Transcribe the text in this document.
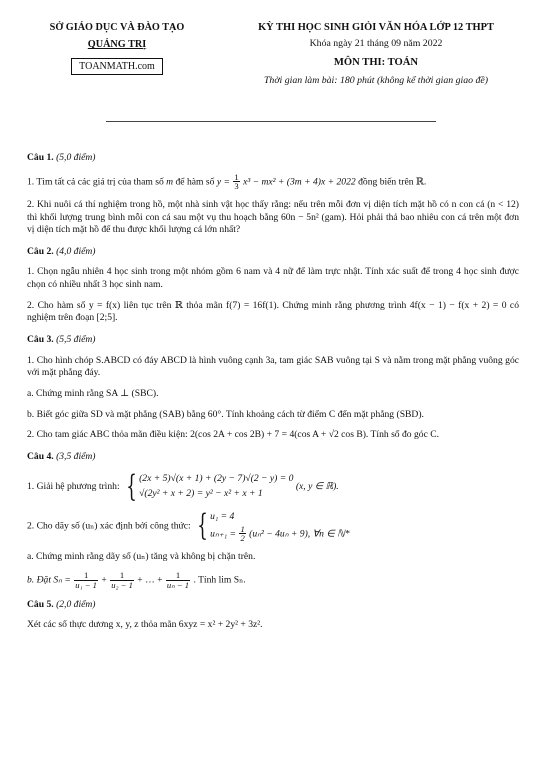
SỞ GIÁO DỤC VÀ ĐÀO TẠO
QUẢNG TRỊ
TOANMATH.com
KỲ THI HỌC SINH GIỎI VĂN HÓA LỚP 12 THPT
Khóa ngày 21 tháng 09 năm 2022
MÔN THI: TOÁN
Thời gian làm bài: 180 phút (không kể thời gian giao đề)
Câu 1. (5,0 điểm)
1. Tìm tất cả các giá trị của tham số m để hàm số $y = \frac{1}{3} x^3 - mx^2 + (3m + 4)x + 2022$ đồng biến trên ℝ.
2. Khi nuôi cá thí nghiệm trong hồ, một nhà sinh vật học thấy rằng: nếu trên mỗi đơn vị diện tích mặt hồ có n con cá (n < 12) thì khối lượng trung bình mỗi con cá sau một vụ thu hoạch bằng 60n − 5n² (gam). Hỏi phải thả bao nhiêu con cá trên một đơn vị diện tích mặt hồ để thu được khối lượng cá lớn nhất?
Câu 2. (4,0 điểm)
1. Chọn ngẫu nhiên 4 học sinh trong một nhóm gồm 6 nam và 4 nữ để làm trực nhật. Tính xác suất để trong 4 học sinh được chọn có nhiều nhất 3 học sinh nam.
2. Cho hàm số y = f(x) liên tục trên ℝ thỏa mãn f(7) = 16f(1). Chứng minh rằng phương trình 4f(x − 1) − f(x + 2) = 0 có nghiệm trên đoạn [2;5].
Câu 3. (5,5 điểm)
1. Cho hình chóp S.ABCD có đáy ABCD là hình vuông cạnh 3a, tam giác SAB vuông tại S và nằm trong mặt phẳng vuông góc với mặt phẳng đáy.
a. Chứng minh rằng SA ⊥ (SBC).
b. Biết góc giữa SD và mặt phẳng (SAB) bằng 60°. Tính khoảng cách từ điểm C đến mặt phẳng (SBD).
2. Cho tam giác ABC thỏa mãn điều kiện: 2(cos 2A + cos 2B) + 7 = 4(cos A + √2 cos B). Tính số đo góc C.
Câu 4. (3,5 điểm)
1. Giải hệ phương trình: { (2x + 5)√(x + 1) + (2y − 7)√(2 − y) = 0
√(2y² + x + 2) = y² − x² + x + 1
(x, y ∈ ℝ).
2. Cho dãy số (uₙ) xác định bởi công thức: { u₁ = 4
$u_{n+1} = \frac{1}{2} (u_n^2 - 4u_n + 9)$, ∀n ∈ ℕ*
a. Chứng minh rằng dãy số (uₙ) tăng và không bị chặn trên.
b. Đặt $S_n = \frac{1}{\text{u₁ − 1}} + \frac{1}{\text{u₂ − 1}}$ + … + $\frac{1}{\text{uₙ − 1}}$ . Tính lim Sₙ.
Câu 5. (2,0 điểm)
Xét các số thực dương x, y, z thỏa mãn 6xyz = x² + 2y² + 3z².
